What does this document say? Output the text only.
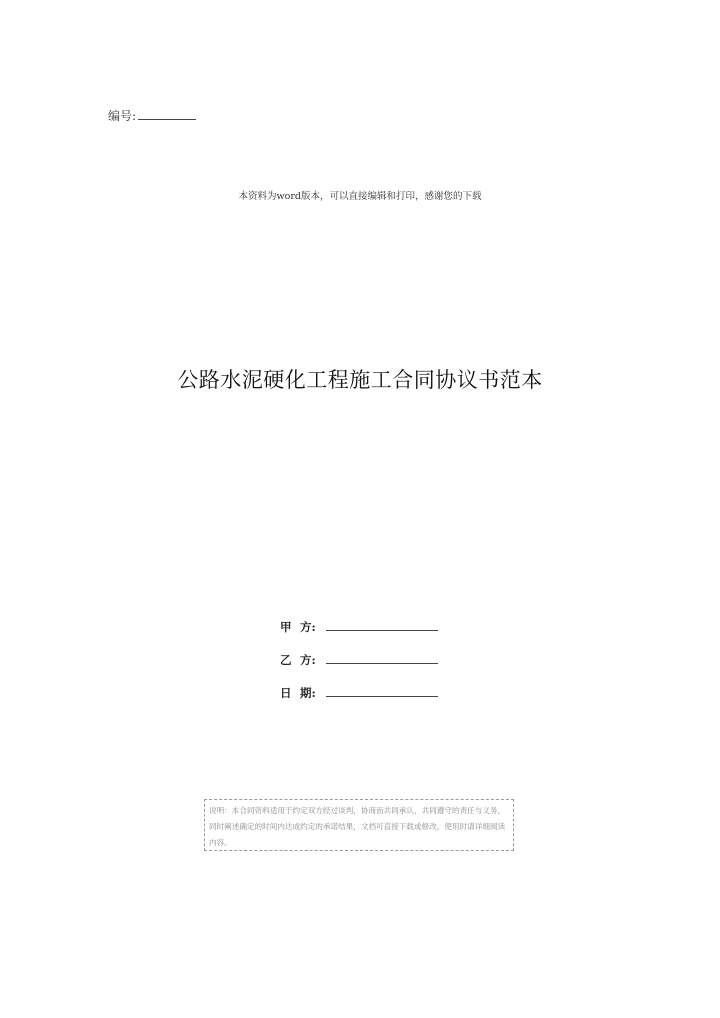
编号:
本资料为word版本，可以直接编辑和打印，感谢您的下载
公路水泥硬化工程施工合同协议书范本
甲 方:
乙 方:
日 期:
说明：本合同资料适用于约定双方经过谈判，协商而共同承认，共同遵守的责任与义务，同时阐述确定的时间内达成约定的承诺结果，文档可直接下载或修改，使用时请详细阅读内容。
